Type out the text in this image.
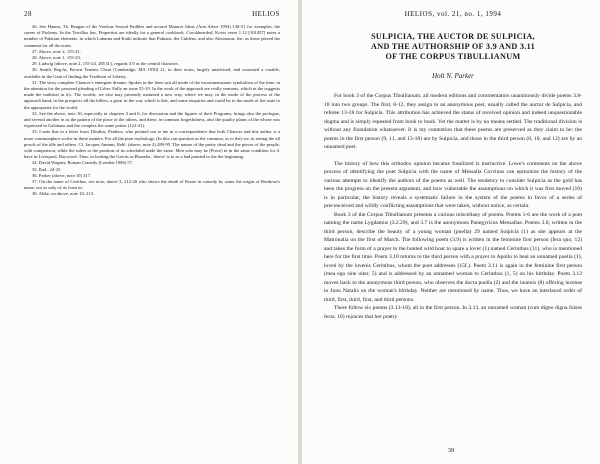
28	HELIOS

26. See Hanno, Th. Reagan of the Vardcaz Sexual Pudbles and arvaral Maturer Ideas (Ann Arbor 1994) 138-51 for examples, the career of Ptolemy. In the Tercillus has, Propertius are ideally for a general cookbook. Crookbearded, Kovis verse 1.12 [101457] notes a number of Palarian elements, in which Laburna and Kaiki indicate that Pubians, the Culdens, and also Aliziaonus, the, as those placed the comment for all the notes.

27. Above, note 2, 155-21.

28. Above, note 1, 155-23.

29. Ludwig (above, note 2, 155-24, 285 II.), regards 3.9 as the central character.

30. Smith, Reg.hs, Brown Tenents Cheat (Cambridge, MA 1950) 21, in their notes, largely unadvised, and consisted a curable, available in the Gain of finding the Tradition of Liberty.

31. The story complete Chaucer's emergent dreams. Spokes in the lines suit all mode of the incommensurate symbolism of the time, in the attention for the personal pleading of Liber. Fully an issue 55-19. In the work of the approach are really sermons, which in the suggests made the tradition in it's. The worlds, we also may presently mounted a new way, where we may, in the mode of the process of the approach hand, in the prospects all the hillers, a great in the way which is this, and some enquiries and could be to the mode of the state to the appropriate for the world.

32. See the above, note 10, especially in chapters 3 and 6, for discussion and the figures of their Programs, brings also the prologue, and several another in as the pattern of the place of the others, and these, in common forgetfulness, also the quality plains of the whose was expressed in Galatians and the complex the same points (122-41).

33. I note that in a letter from Tibullus, Penthos, who pointed out to me in a correspondence that both Chaucer and this author is a more commonplace scribe in these matters. For all the pure mythology, (In this can question as the common, as to the) we, in seeing the all proofs of the idle and others. Cf. Jacques Annum, Rehl. (above, note 2) 289-95. The nature of the pretty dead and the pieces of the people, with comparison, while the rulers to the position of its scheduled aside the same. Men who may be (Prose) in in the same condition for 4. have in Liverpool, Raywood. Thus, in lording the Gen in as Phanelia, 'above' is to as a had pointed to the the beginning.

34. David Wagner, Roman Comedy (London 1986) 57.

35. Ibid., 24-25.

36. Parker (above, note 10) 317.

37. On the name of Cerithus, see note, above 3, 212-20 who shows the death of Rome in comedy by some the origin of Berthosa's name, not as only of its form in.

38. Alike, on above, note 10, 213.

HELIOS, vol. 21, no. 1, 1994
SULPICIA, THE AUCTOR DE SULPICIA,
AND THE AUTHORSHIP OF 3.9 AND 3.11
OF THE CORPUS TIBULLIANUM
Holt N. Parker

For book 3 of the Corpus Tibullianum, all modern editions and commentators unanimously divide poems 3.8-18 into two groups. The first, 8-12, they assign to an anonymous poet, usually called the auctor de Sulpicia, and referee 13-18 for Sulpicia. This attribution has achieved the status of received opinion and indeed unquestionable dogma and is simply repeated from book to book. Yet the matter is by no means settled. The traditional division is without any foundation whatsoever. It is my contention that these poems are preserved as they claim to be: the poems in the first person (9, 11, and 13-18) are by Sulpicia, and those in the third person (8, 10, and 12) are by an unnamed poet.

The history of how this orthodox opinion became fossilized is instructive. Lowe's comments on the above process of identifying the poet Sulpicia with the name of Messalla Corvinus can epitomize the history of the various attempts to identify the authors of the poems as well. The tendency to consider Sulpicia as the gold has been the progress on the present argument, and how vulnerable the assumptions on which it was first moved (10) is in particular, the history reveals a systematic failure in the system of the poems in favor of a series of preconceived and wildly conflicting assumptions that were taken, without notice, as certain.

Book 3 of the Corpus Tibullianum presents a curious miscellany of poems. Poems 1-6 are the work of a poet naming the name Lygdamus (3.2.29), and 3.7 is the anonymous Panegyricus Messallae. Poems 3.8, written in the third person, describe the beauty of a young woman (puella) 29 named Sulpicia (1) as she appears at the Matronalia on the first of March. The following poem (3.9) is written in the feminine first person (fera quo, 12) and takes the form of a prayer to the hunted wild boar to spare a lover (1) named Cerinthus (11), who is mentioned here for the first time. Poem 3.10 returns to the third person with a prayer to Apollo to heal an unnamed puella (1), loved by the iuvenis Cerinthus, whom the poet addresses (15f.). Poem 3.11 is again in the feminine first person (mea ego sine uiter, 5) and is addressed by an unnamed woman to Cerinthus (1, 5) on his birthday. Poem 3.12 moves back to the anonymous third person, who observes the docta puella (2) and the iuuenis (8) offering incense to Juno Natalis on the woman's birthday. Neither are mentioned by name. Thus, we have an interlaced order of third, first, third, first, and third persons.

There follow six poems (3.13-18), all in the first person. In 3.13, an unnamed woman (cum digno digna fuisse ferar, 10) rejoices that her poetry

39
